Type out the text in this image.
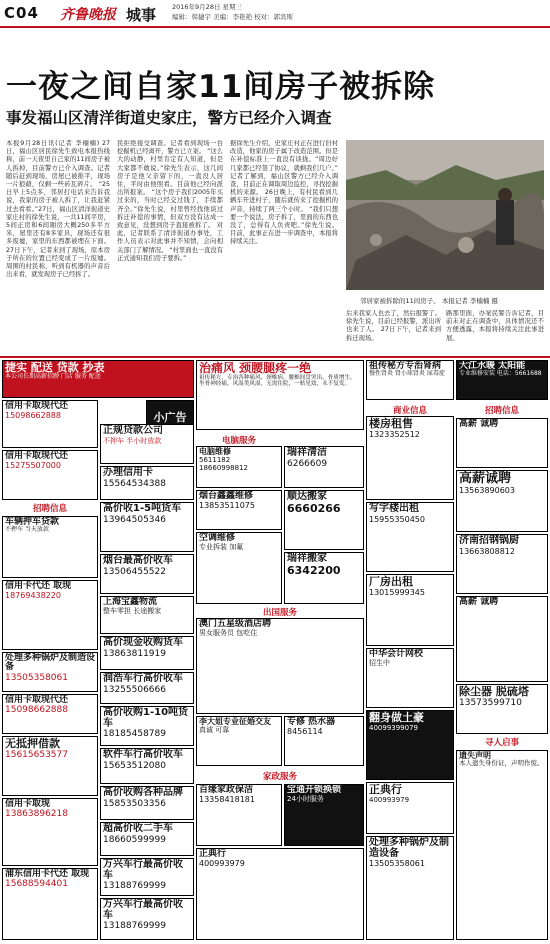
C04 齐鲁晚报 城事 2016年9月28日 星期三
编辑：韩捷宇 美编：李艳艳 校对：郭宾斯
一夜之间自家11间房子被拆除
事发福山区清洋街道史家庄，警方已经介入调查
本报9月28日讯(记者 李楠楠) 27日，福山区居民徐先生致电本报热线称，前一天夜里自己家的11间房子被人拆掉，目前警方已介入调查。记者随后赶到现场，房屋已被推平，现场一片狼藉，仅剩一些砖瓦碎片。 “25日早上5点多，邻居打电话来告诉我说，我家的房子被人拆了，让我赶紧过去看看。”27日，福山区清洋街道史家庄村的徐先生说，一共11间平房，5间正房和6间厢房大概250多平方米，屋里还有8多家具，现场还有很多废墟，家里的东西都被埋在下面。 27日下午，记者来到了现场，原本房子所在的位置已经变成了一片废墟。周围的村民称，听到有机器的声音后出来看，就发现房子已经拆了。
民拒绝接受调查。记者看到现场一台挖掘机已经离开，警方已立案。 “这么大的动静，村里肯定有人知道，但是大家都不敢说。”徐先生表示，这几间房子是他父亲留下的，一直没人居住，平时由他照看。目前他已经向派出所报案。 “这个房子我们2005年买过来的，当时已经交过钱了，手续都齐全。”徐先生说，村里曾经找他谈过拆迁补偿的事情，但双方没有达成一致意见，没想到房子直接被拆了。 对此，记者联系了清洋街道办事处，工作人员表示对此事并不知情，会向相关部门了解情况。 “村里面也一直没有正式通知我们房子要拆。”
据徐先生介绍，史家庄村正在进行旧村改造，他家的房子属于改造范围。但是在补偿标准上一直没有谈拢。“周边好几家都已经签了协议，就剩我们几户。” 记者了解到，福山区警方已经介入调查，目前正在调取周边监控，寻找挖掘机的来源。 26日晚上，有村民看到几辆车开进村子，随后就传来了挖掘机的声音，持续了两三个小时。 “我们只想要一个说法，房子拆了，里面的东西也没了，总得有人负责吧。”徐先生说。 目前，此事正在进一步调查中，本报将持续关注。
邻居家被拆除的11间房子。 本报记者 李楠楠 摄
后来我家人也去了，然后报警了。徐先生说，目前已经报警，派出所也来了人。 27日下午，记者来到拆迁现场。
路那里面，办案民警告诉记者，目前未对正在调查中，具体情况还不方便透露，本报将持续关注此事进展。
捷实 配送 贷款 抄表
本公司长期高薪招聘 门店 服务 配送
信用卡取现代还
15098662888
信用卡取现代还
15275507000
招聘信息
车辆押车贷款
不押车 当天放款
信用卡代还 取现
18769438220
处理多种锅炉及制造设备
13505358061
信用卡取现代还
15098662888
无抵押借款
15615653577
信用卡取现
13863896218
浦东信用卡代还 取现
15688594401
小广告
正规贷款公司
不押车 半小时放款
办理信用卡
15564534388
高价收1-5吨货车
13964505346
烟台最高价收车
13506455522
上海宝鑫物流
整车零担 长途搬家
高价现金收购货车
13863811919
润浩车行高价收车
13255506666
高价收购1-10吨货车
18185458789
软件车行高价收车
15653512080
高价收购各种品牌
15853503356
超高价收二手车
18660599999
万兴车行最高价收车
13188769999
万兴车行最高价收车
13188769999
治痛风 颈腰腿疼一绝
祖传秘方，专治各种痛风、颈椎病、腰椎间盘突出、骨质增生，坐骨神经痛，风湿类风湿，无需住院，一贴见效，永不复发。
电脑服务
电脑维修
5611182 18660998812
烟台鑫鑫维修
13853511075
瑞祥清洁
6266609
顺达搬家
6660266
瑞祥搬家
6342200
空调维修
专业拆装 加氟
出国服务
澳门五星级酒店聘
男女服务员 包吃住
专修 热水器
8456114
李大姐专业征婚交友
真诚 可靠
家政服务
百缘家政保洁
13358418181
宝通开锁换锁
24小时服务
正典行
400993979
祖传秘方专治肾病
慢性肾炎 肾小球肾炎 尿毒症
商业信息
楼房租售
1323352512
写字楼出租
15955350450
厂房出租
13015999345
中华会计网校
招生中
翻身做土豪
40099399079
正典行
400993979
处理多种锅炉及制造设备
13505358061
大江水暖 太阳能
专业维修安装 电话：5661688
招聘信息
高薪 诚聘
高薪诚聘
13563890603
济南招钢锅厨
13663808812
高薪 诚聘
除尘器 脱硫塔
13573599710
寻人启事
遗失声明
本人遗失身份证，声明作废。
